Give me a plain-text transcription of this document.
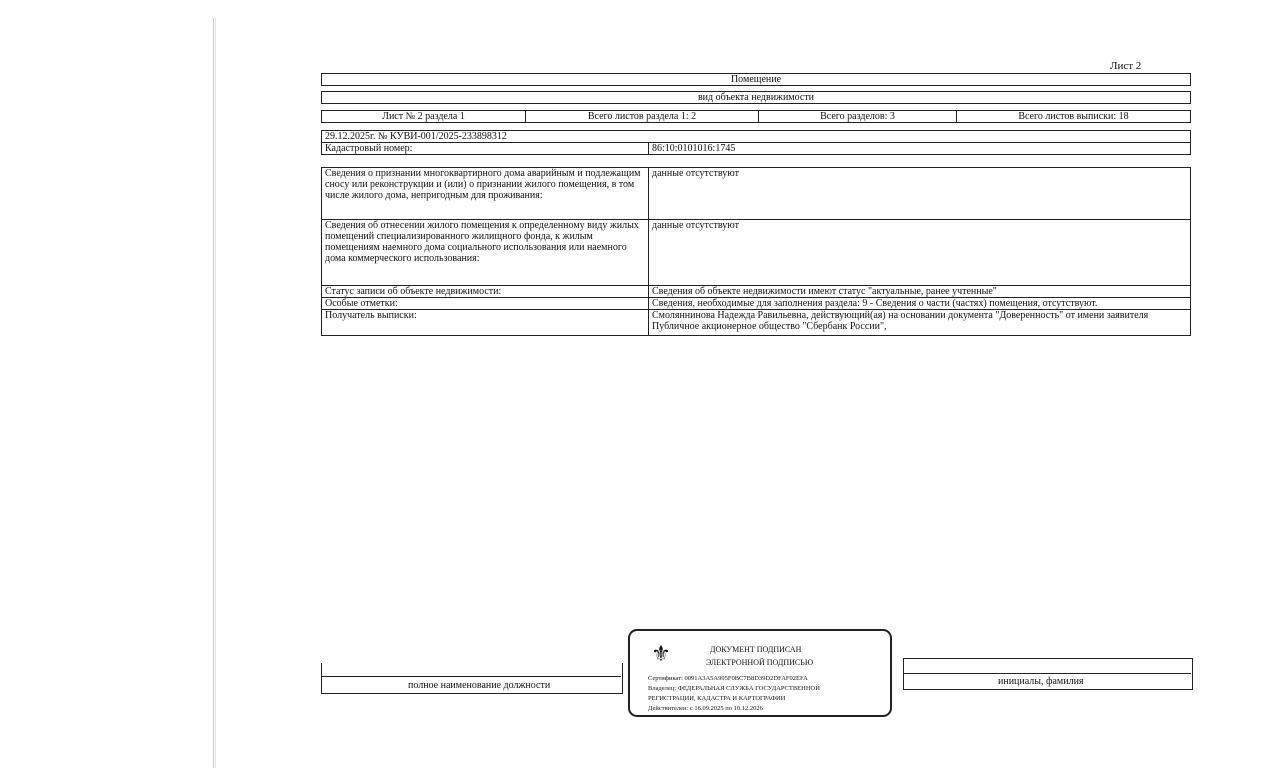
Лист 2
Помещение
вид объекта недвижимости
Лист № 2 раздела 1	Всего листов раздела 1: 2	Всего разделов: 3	Всего листов выписки: 18
29.12.2025г. № КУВИ-001/2025-233898312
Кадастровый номер:	86:10:0101016:1745
Сведения о признании многоквартирного дома аварийным и подлежащим сносу или реконструкции и (или) о признании жилого помещения, в том числе жилого дома, непригодным для проживания:	данные отсутствуют
Сведения об отнесении жилого помещения к определенному виду жилых помещений специализированного жилищного фонда, к жилым помещениям наемного дома социального использования или наемного дома коммерческого использования:	данные отсутствуют
Статус записи об объекте недвижимости:	Сведения об объекте недвижимости имеют статус "актуальные, ранее учтенные"
Особые отметки:	Сведения, необходимые для заполнения раздела: 9 - Сведения о части (частях) помещения, отсутствуют.
Получатель выписки:	Смоляннинова Надежда Равильевна, действующий(ая) на основании документа "Доверенность" от имени заявителя Публичное акционерное общество "Сбербанк России",
полное наименование должности	инициалы, фамилия
⚜	ДОКУМЕНТ ПОДПИСАН
ЭЛЕКТРОННОЙ ПОДПИСЬЮ
Сертификат: 0091A3A5A995F0BC7B8D39D2DFAF02EFA
Владелец: ФЕДЕРАЛЬНАЯ СЛУЖБА ГОСУДАРСТВЕННОЙ
РЕГИСТРАЦИИ, КАДАСТРА И КАРТОГРАФИИ
Действителен: с 16.09.2025 по 10.12.2026
